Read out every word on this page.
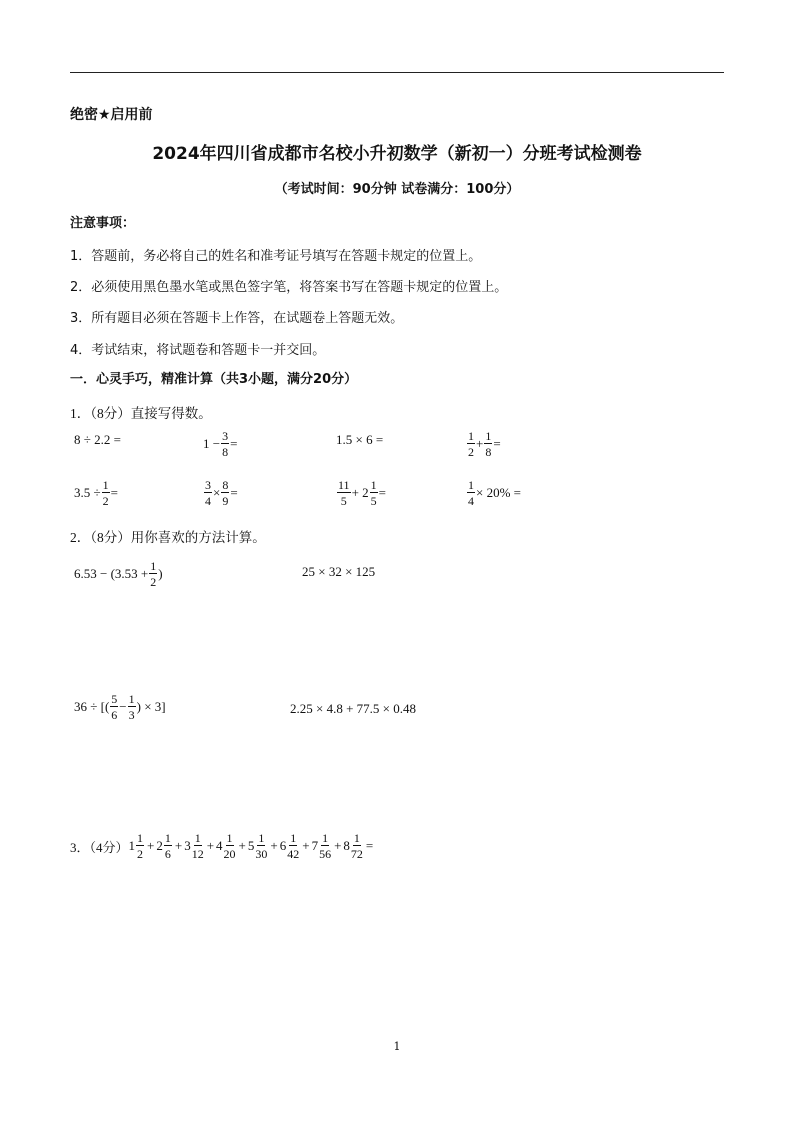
绝密★启用前
2024年四川省成都市名校小升初数学（新初一）分班考试检测卷
（考试时间：90分钟 试卷满分：100分）
注意事项：
1．答题前，务必将自己的姓名和准考证号填写在答题卡规定的位置上。
2．必须使用黑色墨水笔或黑色签字笔，将答案书写在答题卡规定的位置上。
3．所有题目必须在答题卡上作答，在试题卷上答题无效。
4．考试结束，将试题卷和答题卡一并交回。
一．心灵手巧，精准计算（共3小题，满分20分）
1．（8分）直接写得数。
8 ÷ 2.2 =	$1 - \frac{3}{8}$ =	1.5 × 6 =	$\frac{1}{2} + \frac{1}{8}$ =
$3.5 \div \frac{1}{2}$ =	$\frac{3}{4} \times \frac{8}{9}$ =	$\frac{11}{5} + 2 \frac{1}{5}$ =	$\frac{1}{4} \times 20\%$ =
2．（8分）用你喜欢的方法计算。
$6.53 - (3.53 + \frac{1}{2}$ )	25 × 32 × 125
36 ÷ [( $\frac{5}{6} - \frac{1}{3}$ ) × 3]	2.25 × 4.8 + 77.5 × 0.48
3．（4分） $1 \frac{1}{2} + 2 \frac{1}{6} + 3 \frac{1}{12} + 4 \frac{1}{20} + 5 \frac{1}{30} + 6 \frac{1}{42} + 7 \frac{1}{56} + 8 \frac{1}{72}$ =
1
